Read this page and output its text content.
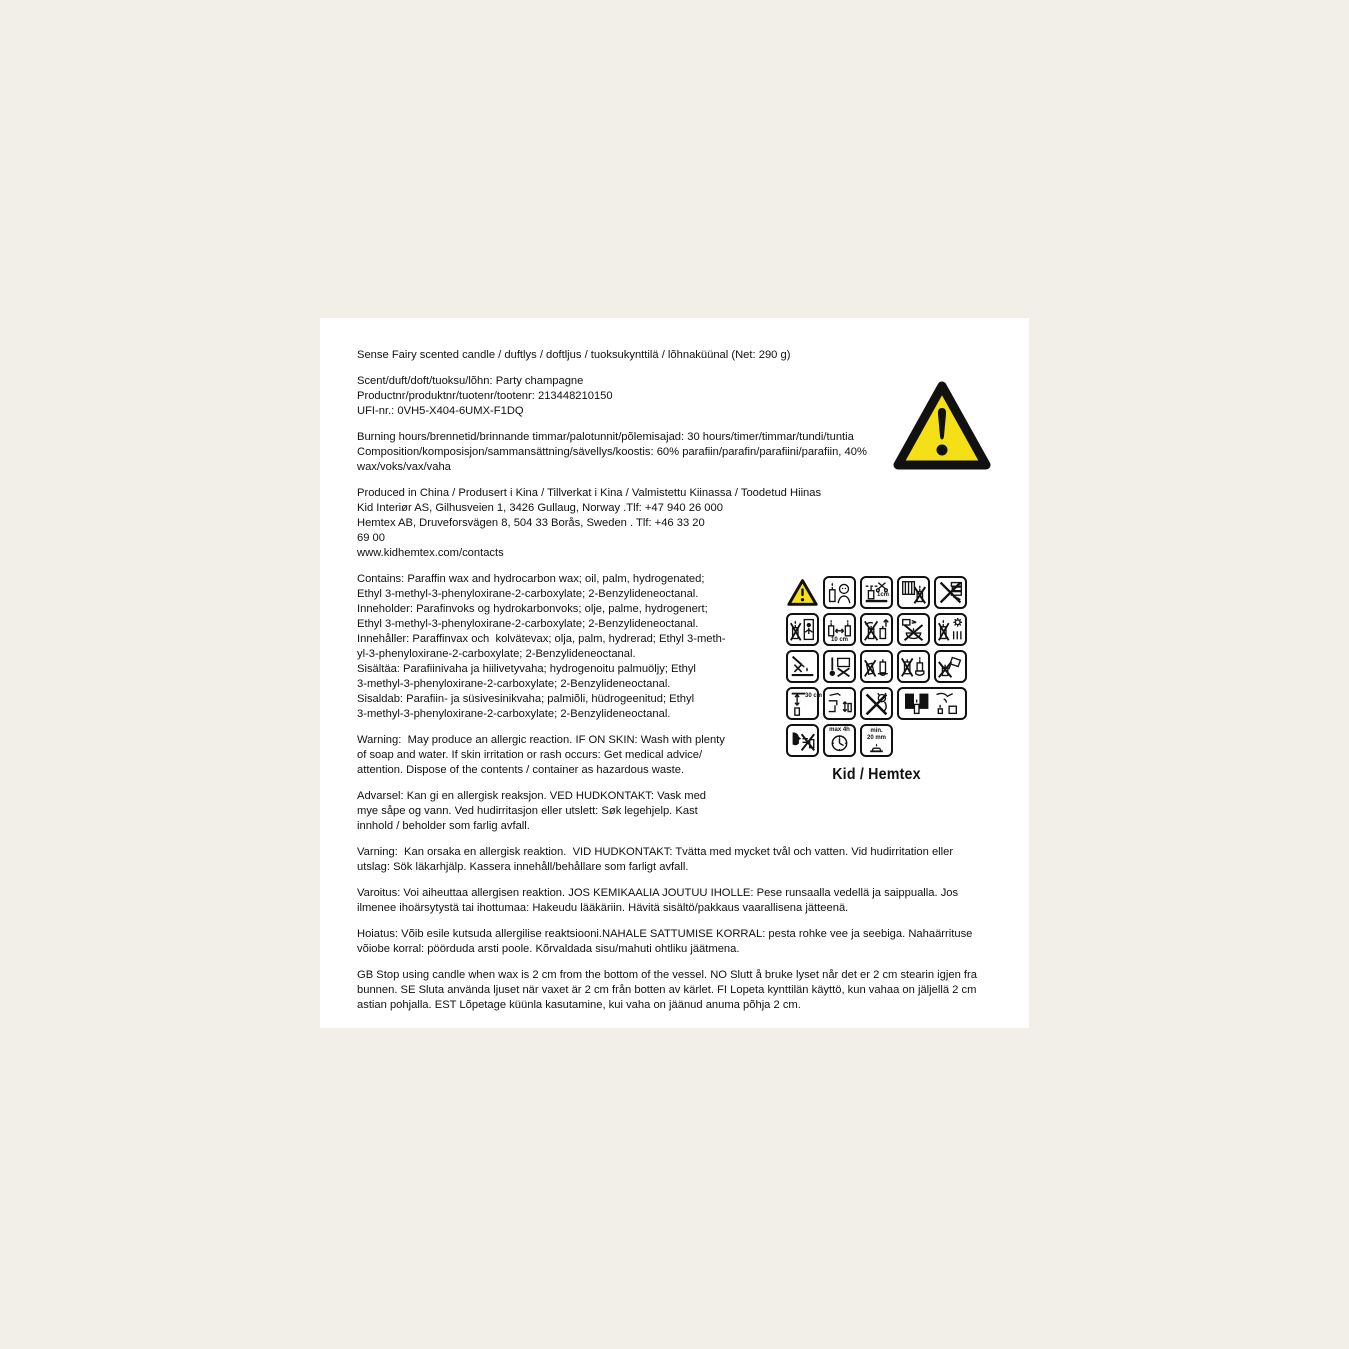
Sense Fairy scented candle / duftlys / doftljus / tuoksukynttilä / lõhnaküünal (Net: 290 g)
Scent/duft/doft/tuoksu/lõhn: Party champagne
Productnr/produktnr/tuotenr/tootenr: 213448210150
UFI-nr.: 0VH5-X404-6UMX-F1DQ
Burning hours/brennetid/brinnande timmar/palotunnit/põlemisajad: 30 hours/timer/timmar/tundi/tuntia
Composition/komposisjon/sammansättning/sävellys/koostis: 60% parafiin/parafin/parafiini/parafiin, 40%
wax/voks/vax/vaha
Produced in China / Produsert i Kina / Tillverkat i Kina / Valmistettu Kiinassa / Toodetud Hiinas
Kid Interiør AS, Gilhusveien 1, 3426 Gullaug, Norway .Tlf: +47 940 26 000
Hemtex AB, Druveforsvägen 8, 504 33 Borås, Sweden . Tlf: +46 33 20
69 00
www.kidhemtex.com/contacts
Contains: Paraffin wax and hydrocarbon wax; oil, palm, hydrogenated;
Ethyl 3-methyl-3-phenyloxirane-2-carboxylate; 2-Benzylideneoctanal.
Inneholder: Parafinvoks og hydrokarbonvoks; olje, palme, hydrogenert;
Ethyl 3-methyl-3-phenyloxirane-2-carboxylate; 2-Benzylideneoctanal.
Innehåller: Paraffinvax och  kolvätevax; olja, palm, hydrerad; Ethyl 3-meth-
yl-3-phenyloxirane-2-carboxylate; 2-Benzylideneoctanal.
Sisältäa: Parafiinivaha ja hiilivetyvaha; hydrogenoitu palmuöljy; Ethyl
3-methyl-3-phenyloxirane-2-carboxylate; 2-Benzylideneoctanal.
Sisaldab: Parafiin- ja süsivesinikvaha; palmiõli, hüdrogeenitud; Ethyl
3-methyl-3-phenyloxirane-2-carboxylate; 2-Benzylideneoctanal.
Warning:  May produce an allergic reaction. IF ON SKIN: Wash with plenty
of soap and water. If skin irritation or rash occurs: Get medical advice/
attention. Dispose of the contents / container as hazardous waste.
Advarsel: Kan gi en allergisk reaksjon. VED HUDKONTAKT: Vask med
mye såpe og vann. Ved hudirritasjon eller utslett: Søk legehjelp. Kast
innhold / beholder som farlig avfall.
Varning:  Kan orsaka en allergisk reaktion.  VID HUDKONTAKT: Tvätta med mycket tvål och vatten. Vid hudirritation eller
utslag: Sök läkarhjälp. Kassera innehåll/behållare som farligt avfall.
Varoitus: Voi aiheuttaa allergisen reaktion. JOS KEMIKAALIA JOUTUU IHOLLE: Pese runsaalla vedellä ja saippualla. Jos
ilmenee ihoärsytystä tai ihottumaa: Hakeudu lääkäriin. Hävitä sisältö/pakkaus vaarallisena jätteenä.
Hoiatus: Võib esile kutsuda allergilise reaktsiooni.NAHALE SATTUMISE KORRAL: pesta rohke vee ja seebiga. Nahaärrituse
võiobe korral: pöörduda arsti poole. Kõrvaldada sisu/mahuti ohtliku jäätmena.
GB Stop using candle when wax is 2 cm from the bottom of the vessel. NO Slutt å bruke lyset når det er 2 cm stearin igjen fra
bunnen. SE Sluta använda ljuset när vaxet är 2 cm från botten av kärlet. FI Lopeta kynttilän käyttö, kun vahaa on jäljellä 2 cm
astian pohjalla. EST Lõpetage küünla kasutamine, kui vaha on jäänud anuma põhja 2 cm.
1cm
10 cm
30 cm
max 4h	min.
20 mm
Kid / Hemtex
